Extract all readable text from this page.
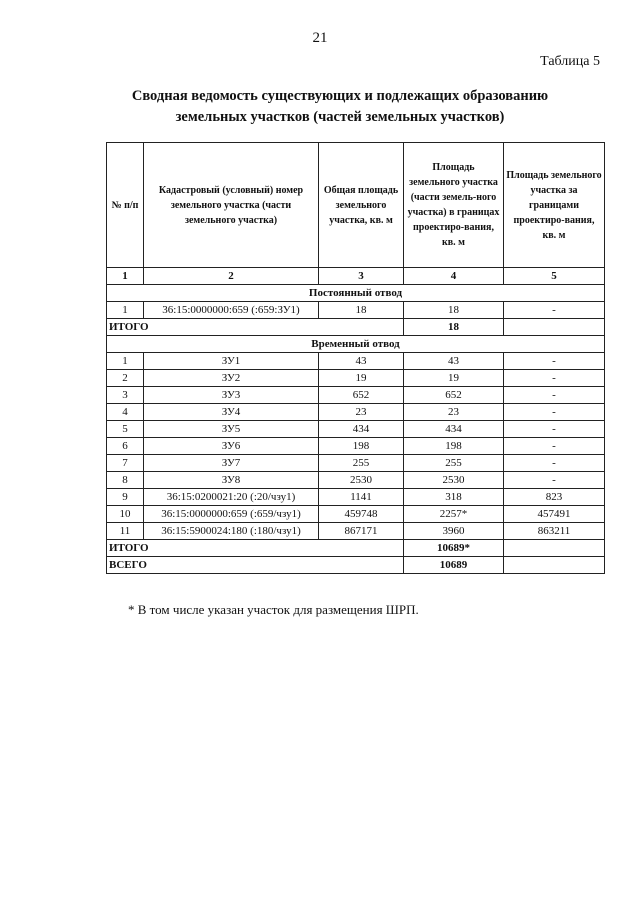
21
Таблица 5
Сводная ведомость существующих и подлежащих образованию
земельных участков (частей земельных участков)
№ п/п	Кадастровый (условный) номер земельного участка (части земельного участка)	Общая площадь земельного участка, кв. м	Площадь земельного участка (части земель-ного участка) в границах проектиро-вания, кв. м	Площадь земельного участка за границами проектиро-вания, кв. м
1	2	3	4	5
Постоянный отвод				
1	36:15:0000000:659 (:659:ЗУ1)	18	18	-
ИТОГО			18	
Временный отвод				
1	ЗУ1	43	43	-
2	ЗУ2	19	19	-
3	ЗУ3	652	652	-
4	ЗУ4	23	23	-
5	ЗУ5	434	434	-
6	ЗУ6	198	198	-
7	ЗУ7	255	255	-
8	ЗУ8	2530	2530	-
9	36:15:0200021:20 (:20/чзу1)	1141	318	823
10	36:15:0000000:659 (:659/чзу1)	459748	2257*	457491
11	36:15:5900024:180 (:180/чзу1)	867171	3960	863211
ИТОГО			10689*	
ВСЕГО			10689	
* В том числе указан участок для размещения ШРП.
